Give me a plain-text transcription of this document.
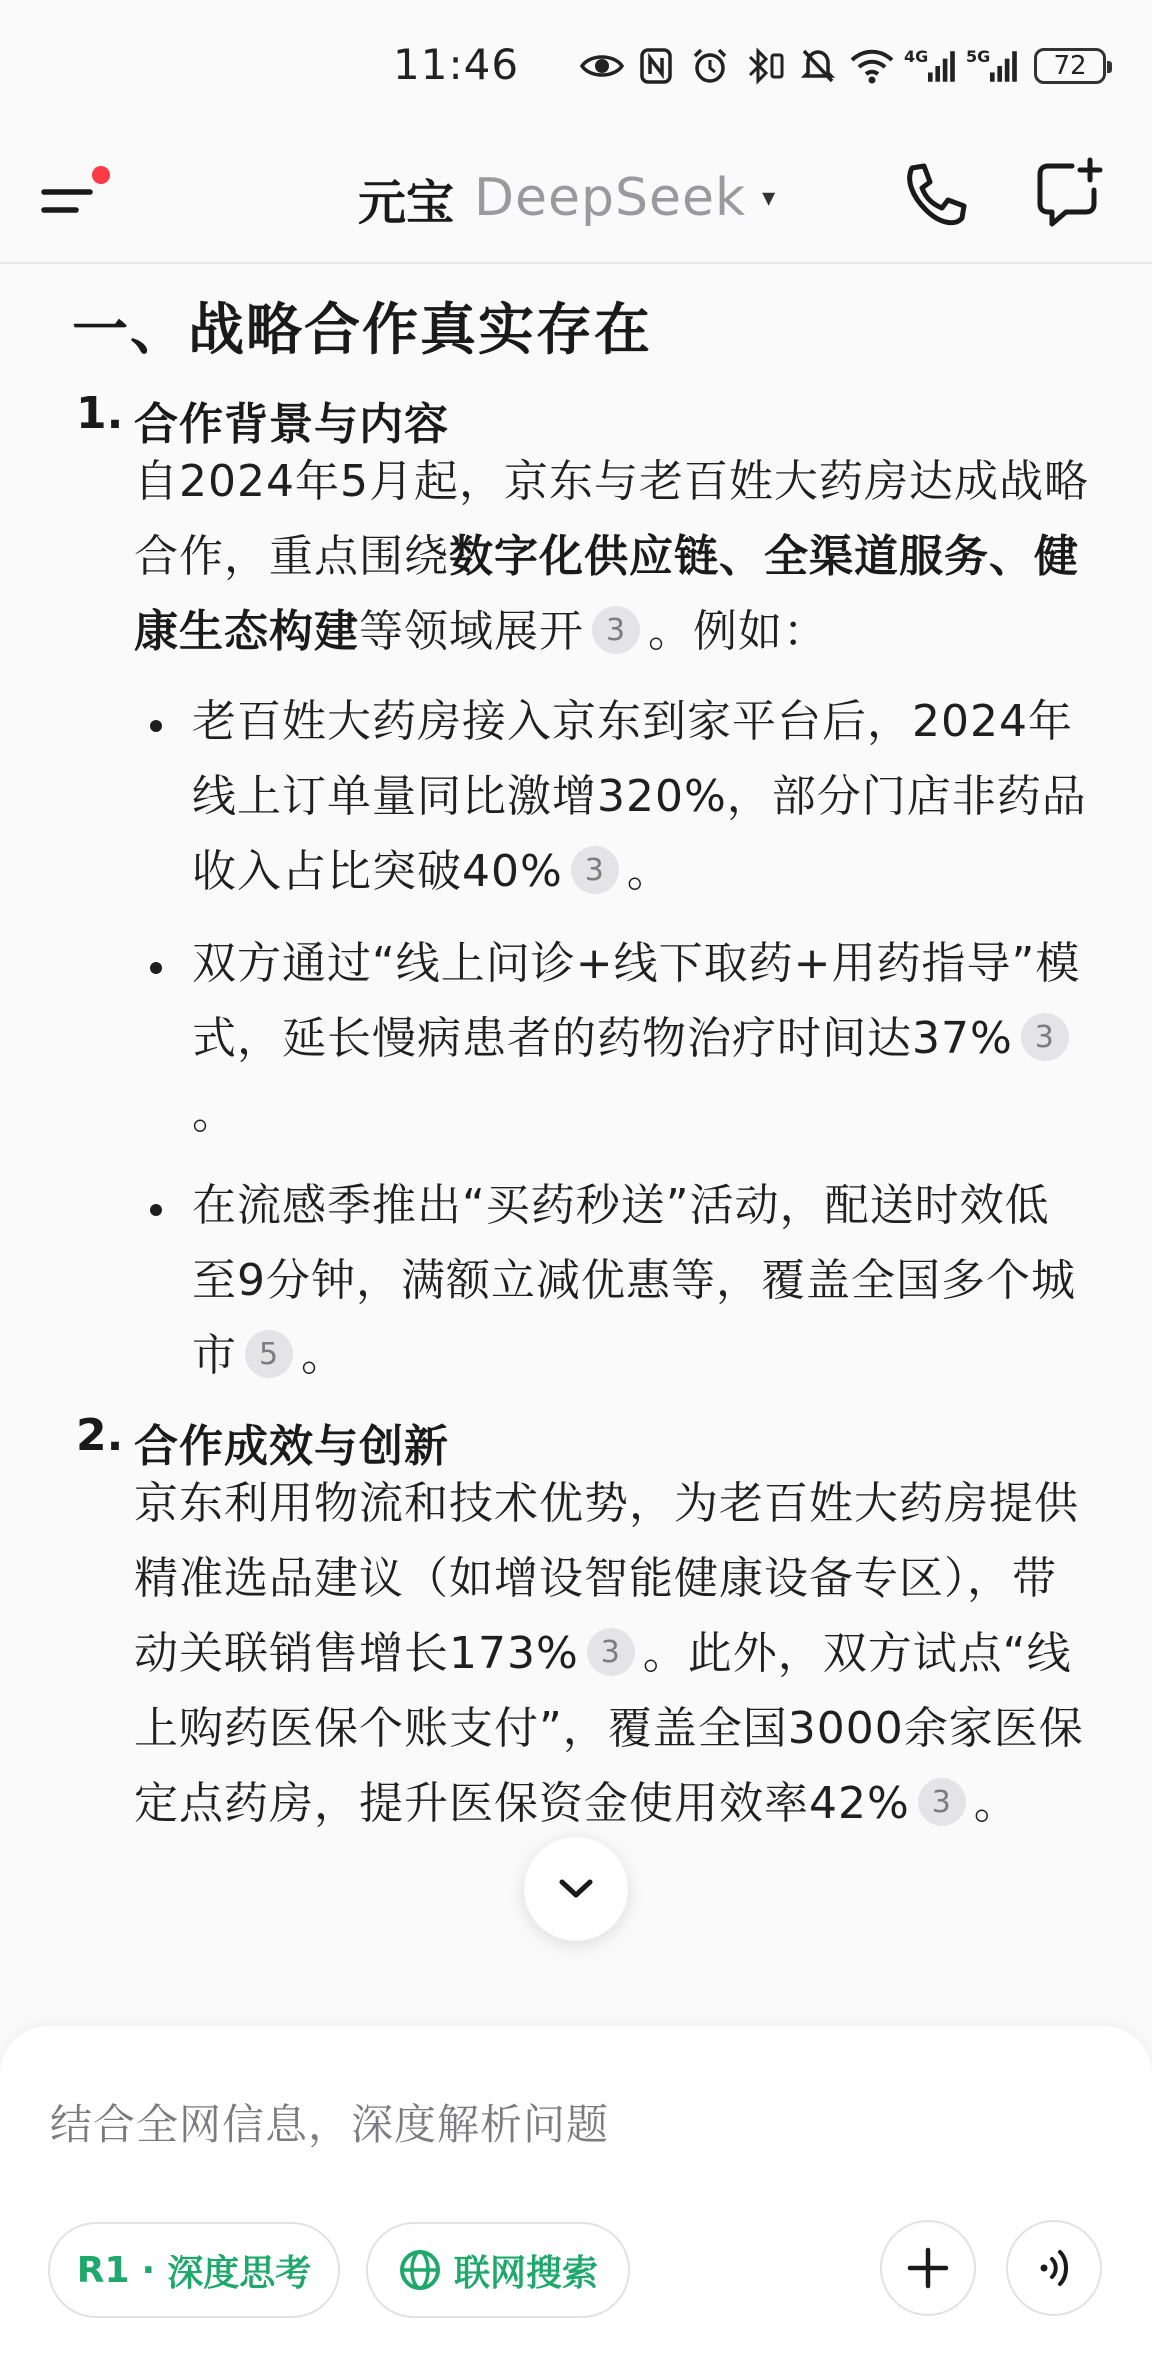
11:46	4G 5G 72
元宝 DeepSeek ▾
一、战略合作真实存在
1. 合作背景与内容
自2024年5月起，京东与老百姓大药房达成战略合作，重点围绕数字化供应链、全渠道服务、健康生态构建等领域展开 3 。例如：
老百姓大药房接入京东到家平台后，2024年线上订单量同比激增320%，部分门店非药品收入占比突破40% 3 。
双方通过“线上问诊+线下取药+用药指导”模式，延长慢病患者的药物治疗时间达37% 3。
在流感季推出“买药秒送”活动，配送时效低至9分钟，满额立减优惠等，覆盖全国多个城市 5 。
2. 合作成效与创新
京东利用物流和技术优势，为老百姓大药房提供精准选品建议（如增设智能健康设备专区），带动关联销售增长173% 3 。此外，双方试点“线上购药医保个账支付”，覆盖全国3000余家医保定点药房，提升医保资金使用效率42% 3 。
结合全网信息，深度解析问题
R1 · 深度思考	联网搜索
